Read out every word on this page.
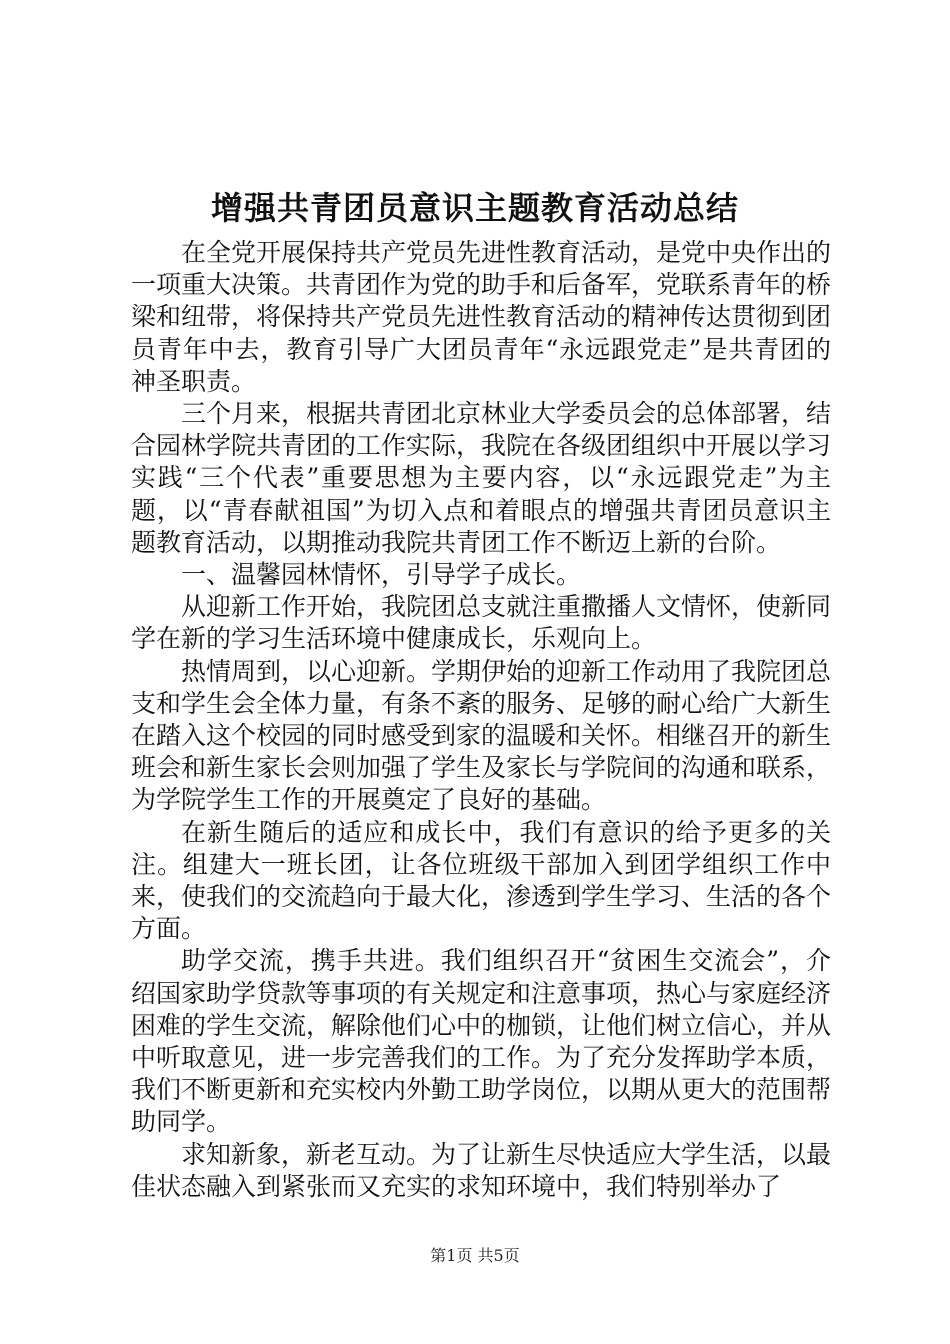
增强共青团员意识主题教育活动总结

在全党开展保持共产党员先进性教育活动，是党中央作出的一项重大决策。共青团作为党的助手和后备军，党联系青年的桥梁和纽带，将保持共产党员先进性教育活动的精神传达贯彻到团员青年中去，教育引导广大团员青年“永远跟党走”是共青团的神圣职责。

三个月来，根据共青团北京林业大学委员会的总体部署，结合园林学院共青团的工作实际，我院在各级团组织中开展以学习实践“三个代表”重要思想为主要内容，以“永远跟党走”为主题，以“青春献祖国”为切入点和着眼点的增强共青团员意识主题教育活动，以期推动我院共青团工作不断迈上新的台阶。

一、温馨园林情怀，引导学子成长。

从迎新工作开始，我院团总支就注重撒播人文情怀，使新同学在新的学习生活环境中健康成长，乐观向上。

热情周到，以心迎新。学期伊始的迎新工作动用了我院团总支和学生会全体力量，有条不紊的服务、足够的耐心给广大新生在踏入这个校园的同时感受到家的温暖和关怀。相继召开的新生班会和新生家长会则加强了学生及家长与学院间的沟通和联系，为学院学生工作的开展奠定了良好的基础。

在新生随后的适应和成长中，我们有意识的给予更多的关注。组建大一班长团，让各位班级干部加入到团学组织工作中来，使我们的交流趋向于最大化，渗透到学生学习、生活的各个方面。

助学交流，携手共进。我们组织召开“贫困生交流会”，介绍国家助学贷款等事项的有关规定和注意事项，热心与家庭经济困难的学生交流，解除他们心中的枷锁，让他们树立信心，并从中听取意见，进一步完善我们的工作。为了充分发挥助学本质，我们不断更新和充实校内外勤工助学岗位，以期从更大的范围帮助同学。

求知新象，新老互动。为了让新生尽快适应大学生活，以最佳状态融入到紧张而又充实的求知环境中，我们特别举办了

第1页 共5页
